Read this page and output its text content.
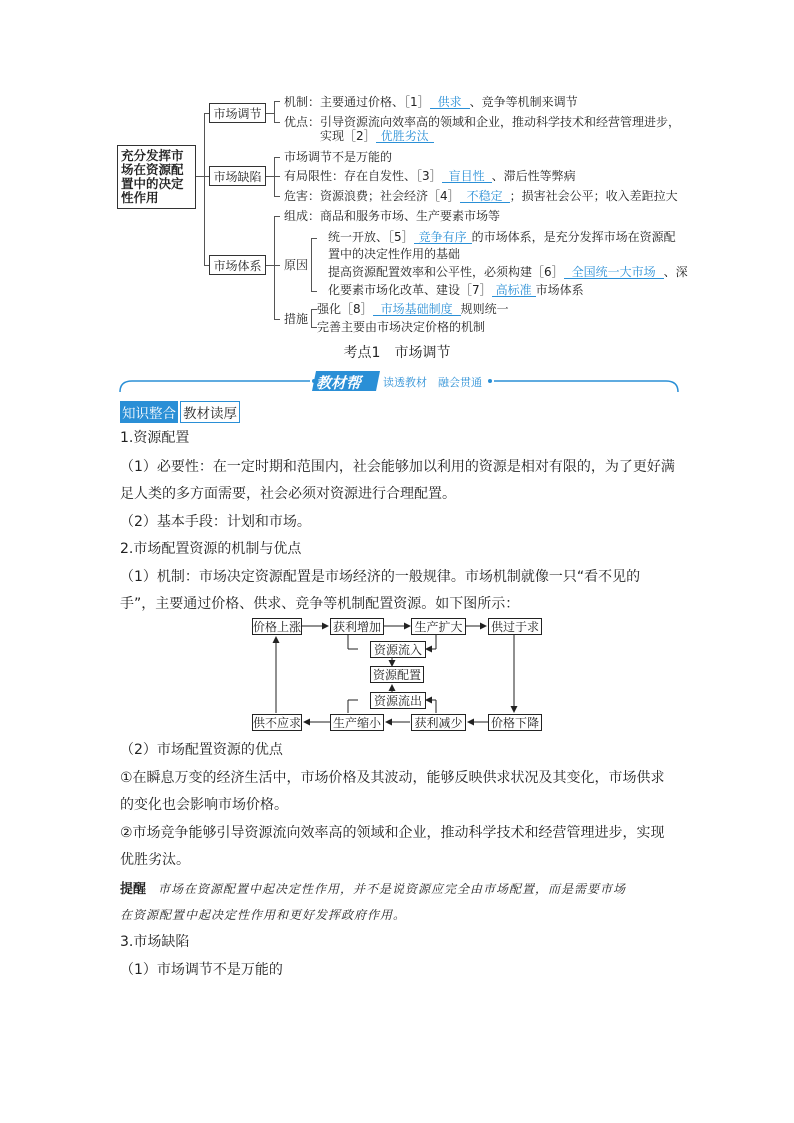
充分发挥市场在资源配置中的决定性作用
市场调节
机制：主要通过价格、［1］ 供求 、竞争等机制来调节
优点：引导资源流向效率高的领域和企业，推动科学技术和经营管理进步，
实现［2］ 优胜劣汰
市场缺陷
市场调节不是万能的
有局限性：存在自发性、［3］ 盲目性 、滞后性等弊病
危害：资源浪费；社会经济［4］ 不稳定 ；损害社会公平；收入差距拉大
市场体系
组成：商品和服务市场、生产要素市场等
原因
统一开放、［5］ 竞争有序 的市场体系，是充分发挥市场在资源配
置中的决定性作用的基础
提高资源配置效率和公平性，必须构建［6］ 全国统一大市场 、深
化要素市场化改革、建设［7］ 高标准 市场体系
措施
强化［8］ 市场基础制度 规则统一
完善主要由市场决定价格的机制
考点1　市场调节
教材帮 读透教材　融会贯通
知识整合 教材读厚
1.资源配置
（1）必要性：在一定时期和范围内，社会能够加以利用的资源是相对有限的，为了更好满
足人类的多方面需要，社会必须对资源进行合理配置。
（2）基本手段：计划和市场。
2.市场配置资源的机制与优点
（1）机制：市场决定资源配置是市场经济的一般规律。市场机制就像一只“看不见的
手”，主要通过价格、供求、竞争等机制配置资源。如下图所示：
价格上涨	获利增加	生产扩大 供过于求
资源流入
资源配置
资源流出
供不应求	生产缩小	获利减少 价格下降
（2）市场配置资源的优点
①在瞬息万变的经济生活中，市场价格及其波动，能够反映供求状况及其变化，市场供求
的变化也会影响市场价格。
②市场竞争能够引导资源流向效率高的领域和企业，推动科学技术和经营管理进步，实现
优胜劣汰。
提醒 市场在资源配置中起决定性作用，并不是说资源应完全由市场配置，而是需要市场
在资源配置中起决定性作用和更好发挥政府作用。
3.市场缺陷
（1）市场调节不是万能的
